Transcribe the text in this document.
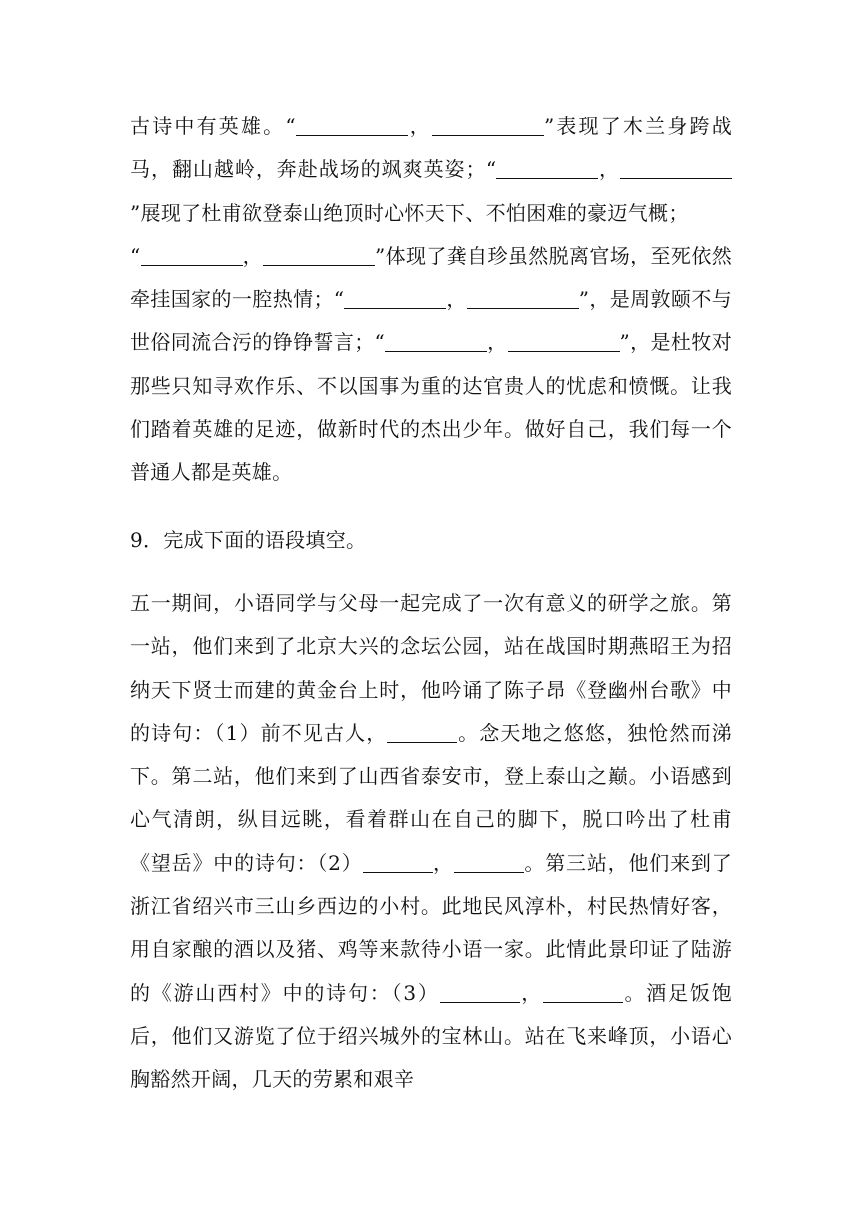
古诗中有英雄。“	，	”表现了木兰身跨战马，翻山越岭，奔赴战场的飒爽英姿；“	，”展现了杜甫欲登泰山绝顶时心怀天下、不怕困难的豪迈气概；
“	，	”体现了龚自珍虽然脱离官场，至死依然牵挂国家的一腔热情；“	，	”，是周敦颐不与世俗同流合污的铮铮誓言；“	，	”，是杜牧对那些只知寻欢作乐、不以国事为重的达官贵人的忧虑和愤慨。让我们踏着英雄的足迹，做新时代的杰出少年。做好自己，我们每一个普通人都是英雄。

9．完成下面的语段填空。

五一期间，小语同学与父母一起完成了一次有意义的研学之旅。第一站，他们来到了北京大兴的念坛公园，站在战国时期燕昭王为招纳天下贤士而建的黄金台上时，他吟诵了陈子昂《登幽州台歌》中的诗句：（1）前不见古人，	。念天地之悠悠，独怆然而涕下。第二站，他们来到了山西省泰安市，登上泰山之巅。小语感到心气清朗，纵目远眺，看着群山在自己的脚下，脱口吟出了杜甫《望岳》中的诗句：（2）	，	。第三站，他们来到了浙江省绍兴市三山乡西边的小村。此地民风淳朴，村民热情好客，用自家酿的酒以及猪、鸡等来款待小语一家。此情此景印证了陆游的《游山西村》中的诗句：（3）	，	。酒足饭饱后，他们又游览了位于绍兴城外的宝林山。站在飞来峰顶，小语心胸豁然开阔，几天的劳累和艰辛
